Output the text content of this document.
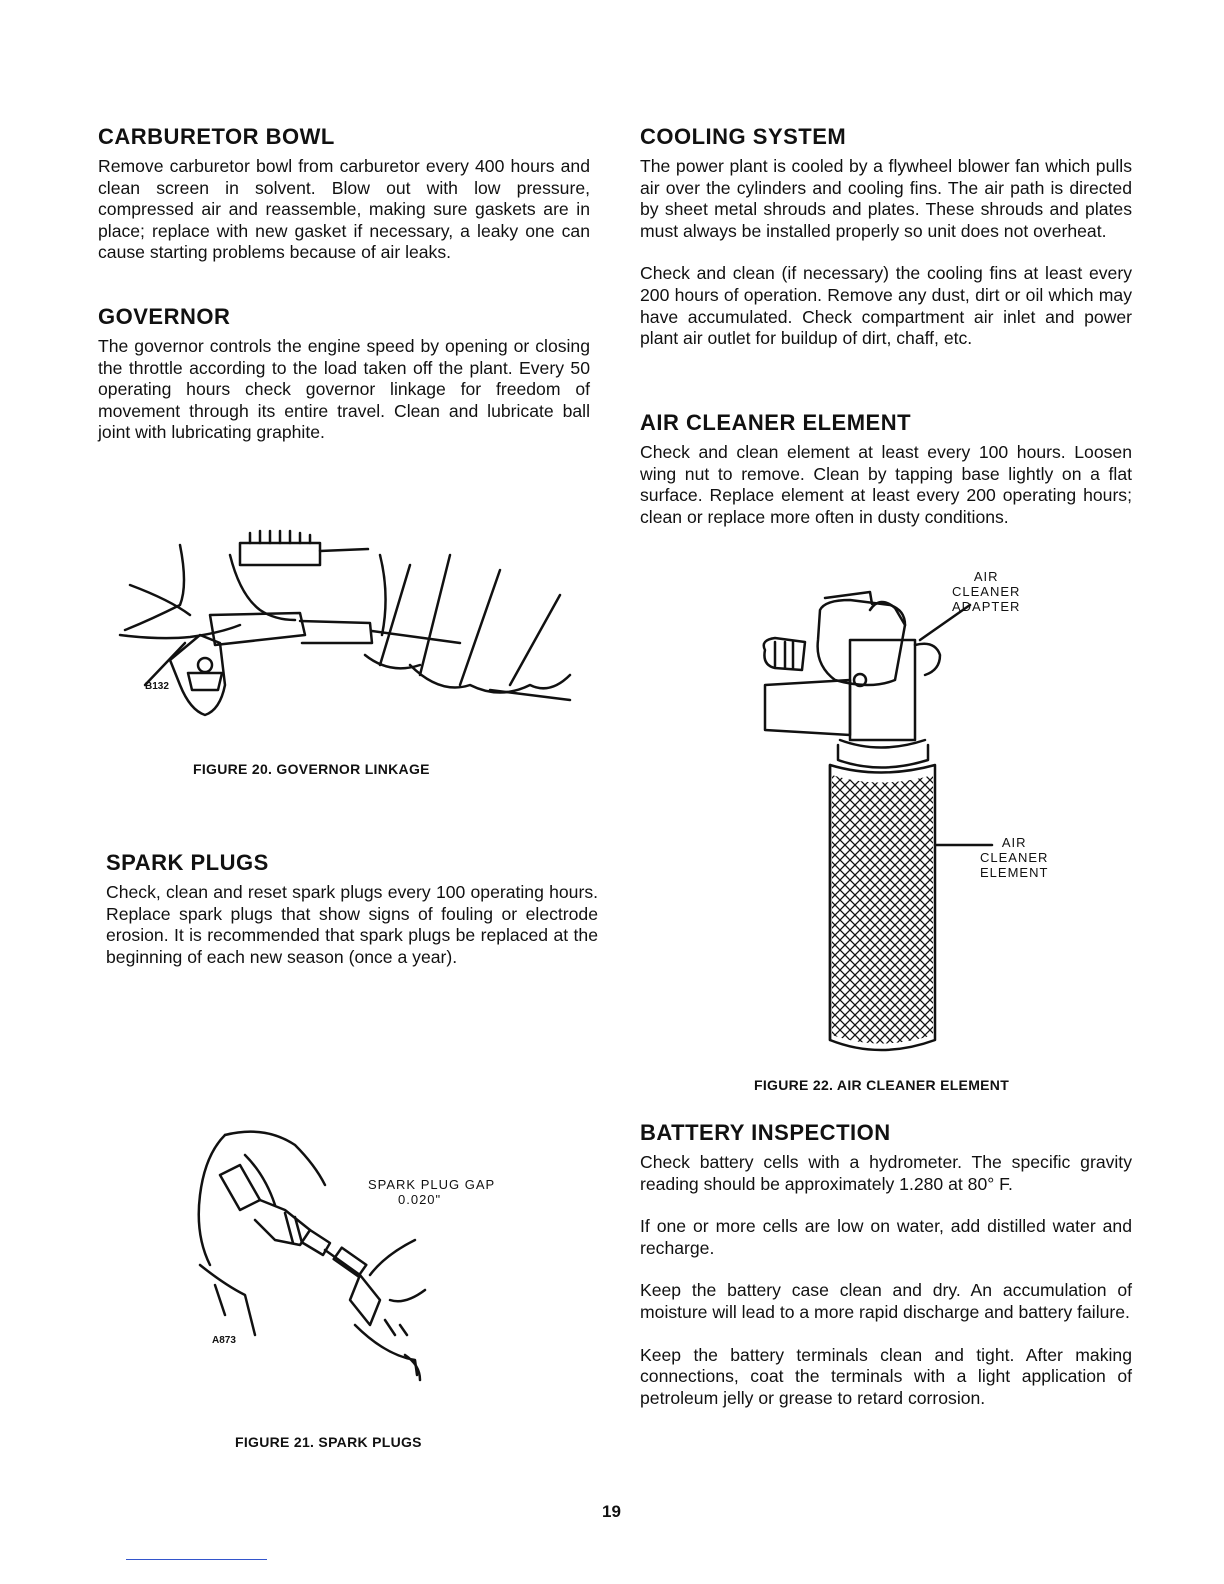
CARBURETOR BOWL

Remove carburetor bowl from carburetor every 400 hours and clean screen in solvent. Blow out with low pressure, compressed air and reassemble, making sure gaskets are in place; replace with new gasket if necessary, a leaky one can cause starting problems because of air leaks.

GOVERNOR

The governor controls the engine speed by opening or closing the throttle according to the load taken off the plant. Every 50 operating hours check governor linkage for freedom of movement through its entire travel. Clean and lubricate ball joint with lubricating graphite.

B132
FIGURE 20. GOVERNOR LINKAGE
SPARK PLUGS

Check, clean and reset spark plugs every 100 operating hours. Replace spark plugs that show signs of fouling or electrode erosion. It is recommended that spark plugs be replaced at the beginning of each new season (once a year).

SPARK PLUG GAP
0.020"
A873
FIGURE 21. SPARK PLUGS
COOLING SYSTEM

The power plant is cooled by a flywheel blower fan which pulls air over the cylinders and cooling fins. The air path is directed by sheet metal shrouds and plates. These shrouds and plates must always be installed properly so unit does not overheat.

Check and clean (if necessary) the cooling fins at least every 200 hours of operation. Remove any dust, dirt or oil which may have accumulated. Check compartment air inlet and power plant air outlet for buildup of dirt, chaff, etc.

AIR CLEANER ELEMENT

Check and clean element at least every 100 hours. Loosen wing nut to remove. Clean by tapping base lightly on a flat surface. Replace element at least every 200 operating hours; clean or replace more often in dusty conditions.

AIR
CLEANER
ADAPTER
AIR
CLEANER
ELEMENT
FIGURE 22. AIR CLEANER ELEMENT
BATTERY INSPECTION

Check battery cells with a hydrometer. The specific gravity reading should be approximately 1.280 at 80° F.

If one or more cells are low on water, add distilled water and recharge.

Keep the battery case clean and dry. An accumulation of moisture will lead to a more rapid discharge and battery failure.

Keep the battery terminals clean and tight. After making connections, coat the terminals with a light application of petroleum jelly or grease to retard corrosion.

19
